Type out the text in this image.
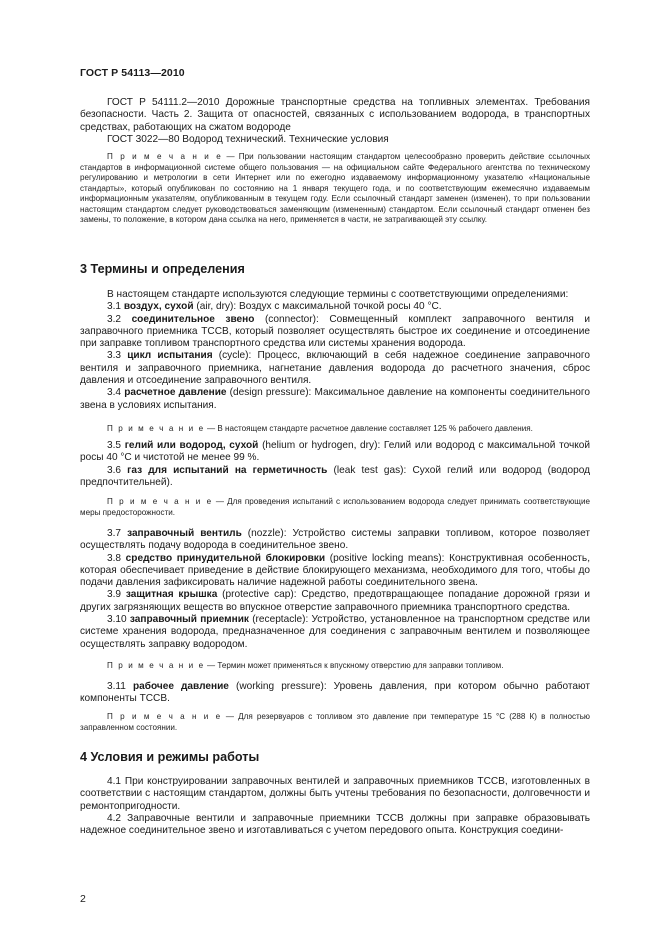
ГОСТ Р 54113—2010

ГОСТ Р 54111.2—2010 Дорожные транспортные средства на топливных элементах. Требования безопасности. Часть 2. Защита от опасностей, связанных с использованием водорода, в транспортных средствах, работающих на сжатом водороде

ГОСТ 3022—80 Водород технический. Технические условия

П р и м е ч а н и е — При пользовании настоящим стандартом целесообразно проверить действие ссылочных стандартов в информационной системе общего пользования — на официальном сайте Федерального агентства по техническому регулированию и метрологии в сети Интернет или по ежегодно издаваемому информационному указателю «Национальные стандарты», который опубликован по состоянию на 1 января текущего года, и по соответствующим ежемесячно издаваемым информационным указателям, опубликованным в текущем году. Если ссылочный стандарт заменен (изменен), то при пользовании настоящим стандартом следует руководствоваться заменяющим (измененным) стандартом. Если ссылочный стандарт отменен без замены, то положение, в котором дана ссылка на него, применяется в части, не затрагивающей эту ссылку.

3 Термины и определения

В настоящем стандарте используются следующие термины с соответствующими определениями:

3.1 воздух, сухой (air, dry): Воздух с максимальной точкой росы 40 °С.

3.2 соединительное звено (connector): Совмещенный комплект заправочного вентиля и заправочного приемника ТССВ, который позволяет осуществлять быстрое их соединение и отсоединение при заправке топливом транспортного средства или системы хранения водорода.

3.3 цикл испытания (cycle): Процесс, включающий в себя надежное соединение заправочного вентиля и заправочного приемника, нагнетание давления водорода до расчетного значения, сброс давления и отсоединение заправочного вентиля.

3.4 расчетное давление (design pressure): Максимальное давление на компоненты соединительного звена в условиях испытания.

П р и м е ч а н и е — В настоящем стандарте расчетное давление составляет 125 % рабочего давления.

3.5 гелий или водород, сухой (helium or hydrogen, dry): Гелий или водород с максимальной точкой росы 40 °С и чистотой не менее 99 %.

3.6 газ для испытаний на герметичность (leak test gas): Сухой гелий или водород (водород предпочтительней).

П р и м е ч а н и е — Для проведения испытаний с использованием водорода следует принимать соответствующие меры предосторожности.

3.7 заправочный вентиль (nozzle): Устройство системы заправки топливом, которое позволяет осуществлять подачу водорода в соединительное звено.

3.8 средство принудительной блокировки (positive locking means): Конструктивная особенность, которая обеспечивает приведение в действие блокирующего механизма, необходимого для того, чтобы до подачи давления зафиксировать наличие надежной работы соединительного звена.

3.9 защитная крышка (protective cap): Средство, предотвращающее попадание дорожной грязи и других загрязняющих веществ во впускное отверстие заправочного приемника транспортного средства.

3.10 заправочный приемник (receptacle): Устройство, установленное на транспортном средстве или системе хранения водорода, предназначенное для соединения с заправочным вентилем и позволяющее осуществлять заправку водородом.

П р и м е ч а н и е — Термин может применяться к впускному отверстию для заправки топливом.

3.11 рабочее давление (working pressure): Уровень давления, при котором обычно работают компоненты ТССВ.

П р и м е ч а н и е — Для резервуаров с топливом это давление при температуре 15 °С (288 К) в полностью заправленном состоянии.

4 Условия и режимы работы

4.1 При конструировании заправочных вентилей и заправочных приемников ТССВ, изготовленных в соответствии с настоящим стандартом, должны быть учтены требования по безопасности, долговечности и ремонтопригодности.

4.2 Заправочные вентили и заправочные приемники ТССВ должны при заправке образовывать надежное соединительное звено и изготавливаться с учетом передового опыта. Конструкция соедини-

2
